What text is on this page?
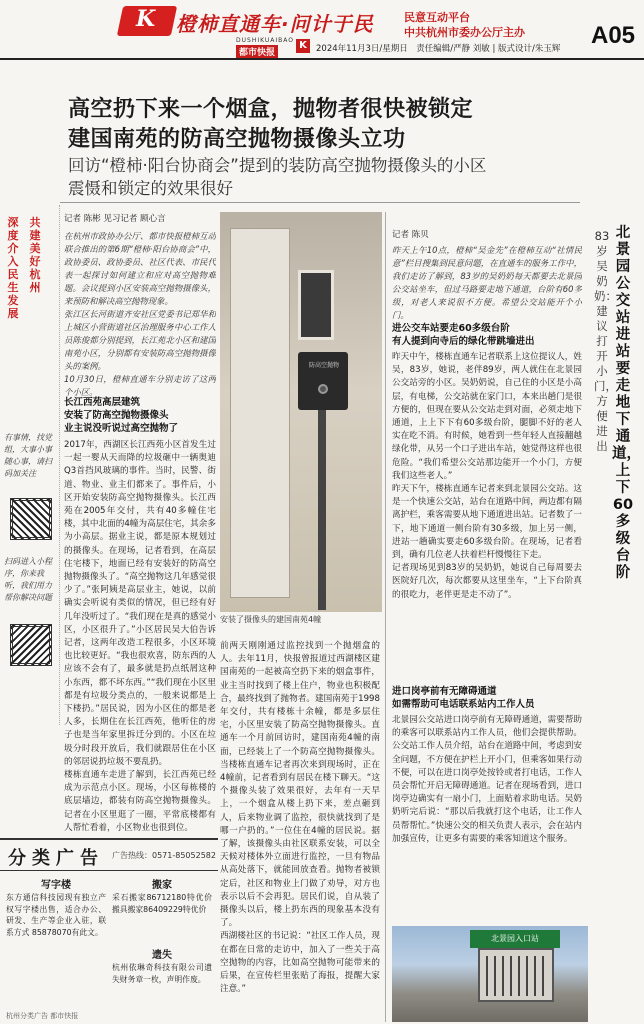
K 橙柿直通车·问计于民	民意互动平台
中共杭州市委办公厅主办
DUSHIKUAIBAO
都市快报
K	2024年11月3日/星期日　责任编辑/严静 刘敏 | 版式设计/朱玉辉 A05
高空扔下来一个烟盒，抛物者很快被锁定
建国南苑的防高空抛物摄像头立功
回访“橙柿·阳台协商会”提到的装防高空抛物摄像头的小区
震慑和锁定的效果很好
深度介入民生发展
共建美好杭州
有事情，找党组，大事小事随心事，请扫码加关注
扫码进入小程序，你来我听，我们用力帮你解决问题
记者 陈彬 见习记者 顾心言
在杭州市政协办公厅、都市快报橙柿互动联合推出的第6期“橙柿·阳台协商会”中，政协委员、政协委员、社区代表、市民代表一起探讨如何建立和应对高空抛物难题。会议提到小区安装高空抛物摄像头，来预防和解决高空抛物现象。
张江区长河街道齐安社区党委书记郑华和上城区小营街道社区治理服务中心工作人员陈俊都分别提到，长江苑北小区和建国南苑小区，分别都有安装防高空抛物摄像头的案例。
10月30日，橙柿直通车分别走访了这两个小区。
长江西苑高层建筑
安装了防高空抛物摄像头
业主说没听说过高空抛物了
2017年，西湖区长江西苑小区首发生过一起一婴从天而降的垃圾砸中一辆奥迪Q3首挡风玻璃的事件。当时，民警、街道、物业、业主们都来了。事件后，小区开始安装防高空抛物摄像头。长江西苑在2005年交付，共有40多幢住宅楼，其中北面的4幢为高层住宅，其余多为小高层。据业主说，都是原本规划过的摄像头。在现场，记者看到，在高层住宅楼下，地面已经有安装好的防高空抛物摄像头了。“高空抛物这几年感觉很少了。”张阿姨是高层业主，她说，以前确实会听说有类似的情况，但已经有好几年没听过了。“我们现在是真的感觉小区，小区很升了。”小区居民吴大伯告诉记者，这两年改造工程很多，小区环境也比较更好。“我也很欢喜，防东西的人应该不会有了，最多就是扔点纸屑这种小东西，都不坏东西。”“我们现在小区里都是有垃圾分类点的，一般来说都是上下楼扔。”居民说，因为小区住的都是老人多，长期住在长江西苑，他听住的房子也是当年家里拆迁分到的。小区在垃圾分时段开放后，我们就跟居住在小区的邻居说扔垃圾不要乱扔。
楼栋直通车走进了解到，长江西苑已经成为示范点小区。现场，小区每栋楼的底层墙边，都装有防高空抛物摄像头。记者在小区里逛了一圈，平常底楼都有人帮忙看着，小区物业也很到位。
防高空抛物
安装了摄像头的建国南苑4幢
前两天刚刚通过监控找到一个抛烟盒的人。去年11月，快报曾报道过西湖楼区建国南苑的一起被高空扔下来的烟盒事件，业主当时找到了楼上住户，物业也积极配合，最终找到了抛物者。建国南苑于1998年交付，共有楼栋十余幢，都是多层住宅，小区里安装了防高空抛物摄像头。直通车一个月前回访时，建国南苑4幢的南面，已经装上了一个防高空抛物摄像头。当楼栋直通车记者再次来到现场时，正在4幢前，记者看到有居民在楼下聊天。“这个摄像头装了效果很好，去年有一天早上，一个烟盒从楼上扔下来，差点砸到人，后来物业调了监控，很快就找到了是哪一户扔的。”一位住在4幢的居民说。据了解，该摄像头由社区联系安装，可以全天候对楼体外立面进行监控，一旦有物品从高处落下，就能回放查看。抛物者被锁定后，社区和物业上门做了劝导，对方也表示以后不会再犯。居民们说，自从装了摄像头以后，楼上扔东西的现象基本没有了。
西湖楼社区的书记说：“社区工作人员，现在都在日常的走访中，加入了一些关于高空抛物的内容，比如高空抛物可能带来的后果，在宣传栏里张贴了海报，提醒大家注意。”
记者 陈贝
昨天上午10点，橙柿“吴金先”在橙柿互动“社情民意”栏目搜集到民意问题，在直通车的服务工作中，我们走访了解到，83岁的吴奶奶每天都要去北景园公交站坐车，但过马路要走地下通道，台阶有60多级，对老人来说很不方便。希望公交站能开个小门。
进公交车站要走60多级台阶
有人提到向寺后的绿化带跳墙进出
昨天中午，楼栋直通车记者联系上这位提议人，姓吴，83岁，她说，老伴89岁，两人就住在北景园公交站旁的小区。吴奶奶说，自己住的小区是小高层，有电梯，公交站就在家门口，本来出趟门是很方便的，但现在要从公交站走到对面，必须走地下通道，上上下下有60多级台阶，腿脚不好的老人实在吃不消。有时候，她看到一些年轻人直接翻越绿化带，从另一个口子进出车站，她觉得这样也很危险。“我们希望公交站那边能开一个小门，方便我们这些老人。”
昨天下午，楼栋直通车记者来到北景园公交站。这是一个快速公交站，站台在道路中间，两边都有隔离护栏，乘客需要从地下通道进出站。记者数了一下，地下通道一侧台阶有30多级，加上另一侧，进站一趟确实要走60多级台阶。在现场，记者看到，确有几位老人扶着栏杆慢慢往下走。
记者现场见到83岁的吴奶奶，她说自己每周要去医院好几次，每次都要从这里坐车，“上下台阶真的很吃力，老伴更是走不动了”。
进口岗亭前有无障碍通道
如需帮助可电话联系站内工作人员
北景园公交站进口岗亭前有无障碍通道，需要帮助的乘客可以联系站内工作人员，他们会提供帮助。公交站工作人员介绍，站台在道路中间，考虑到安全问题，不方便在护栏上开小门，但乘客如果行动不便，可以在进口岗亭处按铃或者打电话，工作人员会帮忙开启无障碍通道。记者在现场看到，进口岗亭边确实有一扇小门，上面贴着求助电话。吴奶奶听完后说：“那以后我就打这个电话，让工作人员帮帮忙。”快速公交的相关负责人表示，会在站内加强宣传，让更多有需要的乘客知道这个服务。
北景园入口站
83岁吴奶奶：建议打开小门，方便进出
北景园公交站进站要走地下通道，上下60多级台阶
分类广告 广告热线：0571-85052582
写字楼
东方通信科技园现有独立产权写字楼出售，适合办公、研发、生产等企业入驻，联系方式 85878070有此文。
搬家
采石搬家86712180特优价搬具搬家86409229特优价
遗失
杭州依琳奇科技有限公司遗失财务章一枚，声明作废。
杭州分类广告 都市快报
